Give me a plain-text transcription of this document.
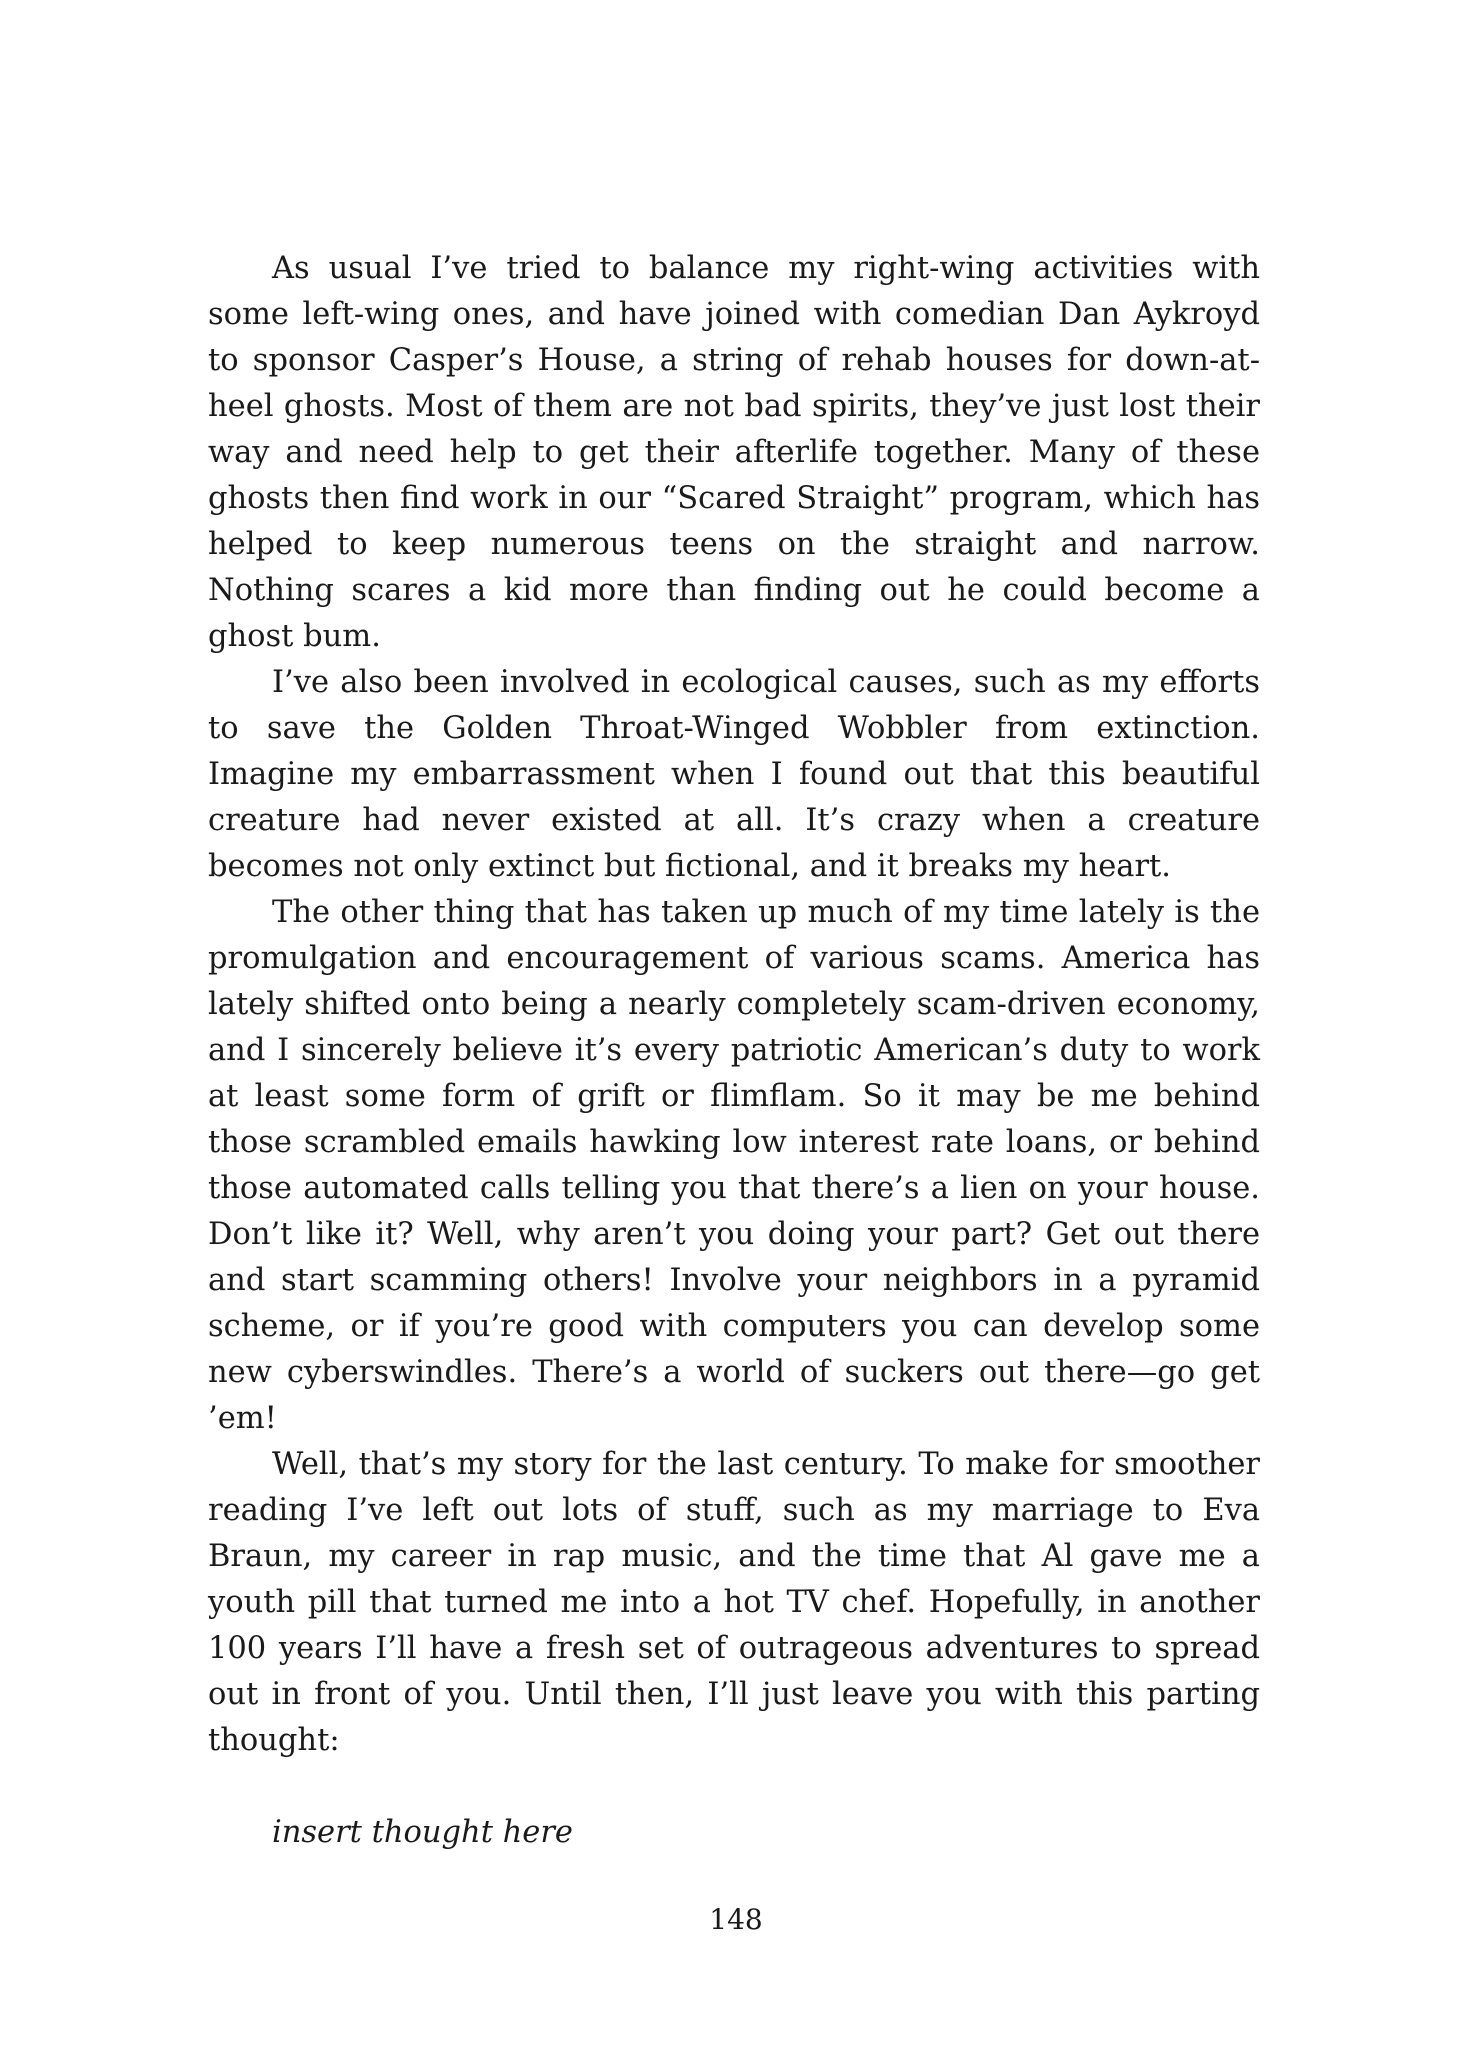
As usual I’ve tried to balance my right-wing activities with some left-wing ones, and have joined with comedian Dan Aykroyd to sponsor Casper’s House, a string of rehab houses for down-at-heel ghosts. Most of them are not bad spirits, they’ve just lost their way and need help to get their afterlife together. Many of these ghosts then find work in our “Scared Straight” program, which has helped to keep numerous teens on the straight and narrow. Nothing scares a kid more than finding out he could become a ghost bum.

I’ve also been involved in ecological causes, such as my efforts to save the Golden Throat-Winged Wobbler from extinction. Imagine my embarrassment when I found out that this beautiful creature had never existed at all. It’s crazy when a creature becomes not only extinct but fictional, and it breaks my heart.

The other thing that has taken up much of my time lately is the promulgation and encouragement of various scams. America has lately shifted onto being a nearly completely scam-driven economy, and I sincerely believe it’s every patriotic American’s duty to work at least some form of grift or flimflam. So it may be me behind those scrambled emails hawking low interest rate loans, or behind those automated calls telling you that there’s a lien on your house. Don’t like it? Well, why aren’t you doing your part? Get out there and start scamming others! Involve your neighbors in a pyramid scheme, or if you’re good with computers you can develop some new cyberswindles. There’s a world of suckers out there—go get ’em!

Well, that’s my story for the last century. To make for smoother reading I’ve left out lots of stuff, such as my marriage to Eva Braun, my career in rap music, and the time that Al gave me a youth pill that turned me into a hot TV chef. Hopefully, in another 100 years I’ll have a fresh set of outrageous adventures to spread out in front of you. Until then, I’ll just leave you with this parting thought:

insert thought here

148
